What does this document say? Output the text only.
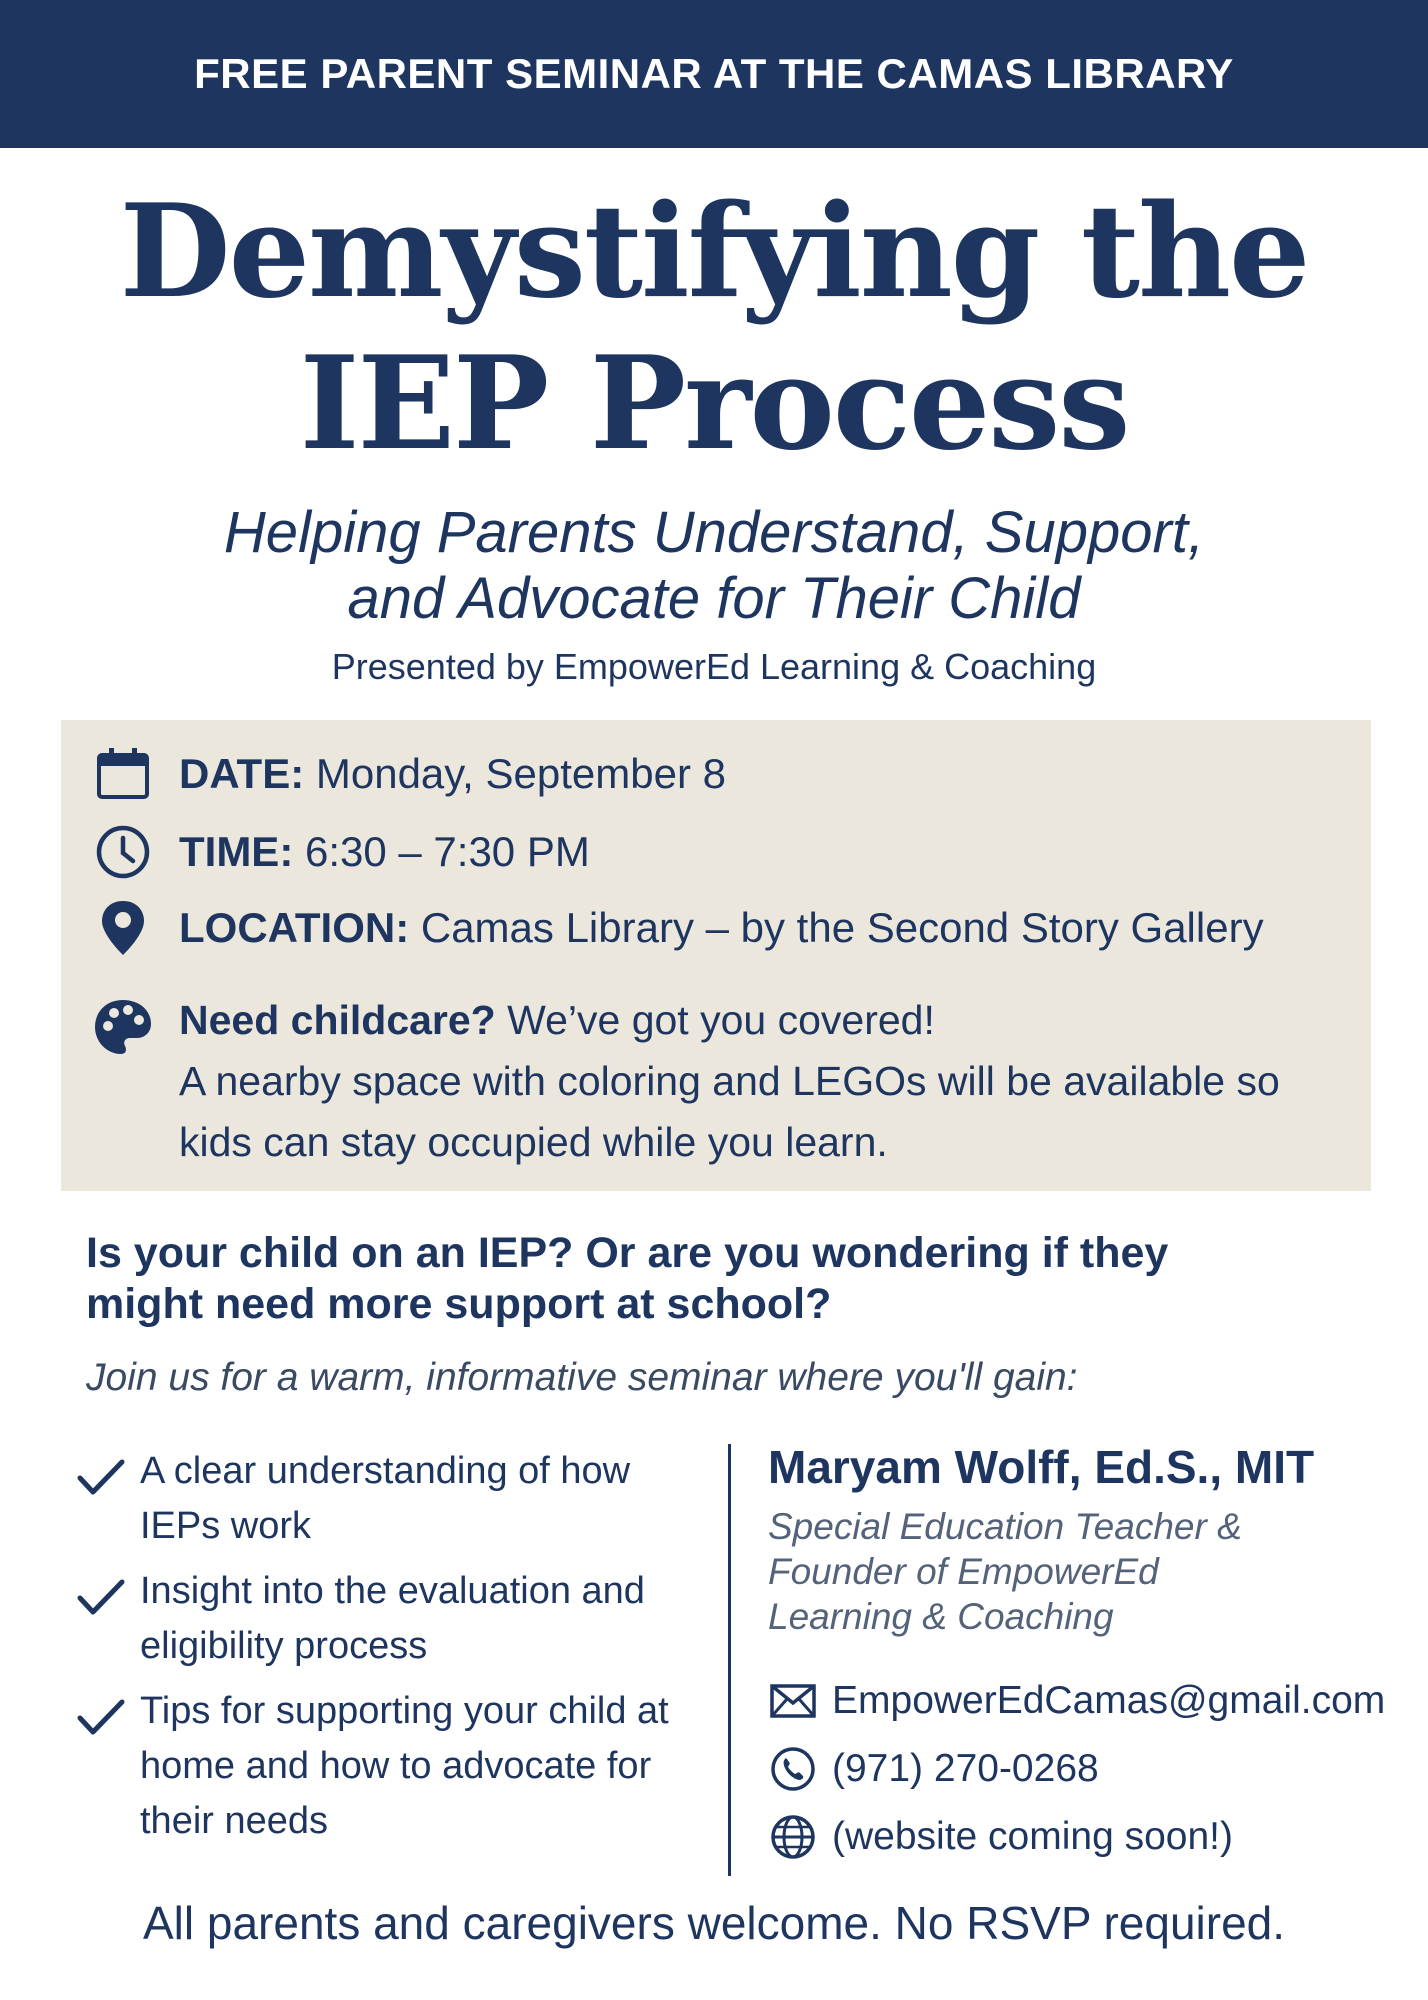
FREE PARENT SEMINAR AT THE CAMAS LIBRARY
Demystifying the
IEP Process
Helping Parents Understand, Support,
and Advocate for Their Child
Presented by EmpowerEd Learning & Coaching
DATE: Monday, September 8
TIME: 6:30 – 7:30 PM
LOCATION: Camas Library – by the Second Story Gallery
Need childcare? We’ve got you covered!
A nearby space with coloring and LEGOs will be available so
kids can stay occupied while you learn.
Is your child on an IEP? Or are you wondering if they
might need more support at school?
Join us for a warm, informative seminar where you'll gain:
A clear understanding of how
IEPs work
Insight into the evaluation and
eligibility process
Tips for supporting your child at
home and how to advocate for
their needs
Maryam Wolff, Ed.S., MIT
Special Education Teacher &
Founder of EmpowerEd
Learning & Coaching
EmpowerEdCamas@gmail.com
(971) 270-0268
(website coming soon!)
All parents and caregivers welcome. No RSVP required.
